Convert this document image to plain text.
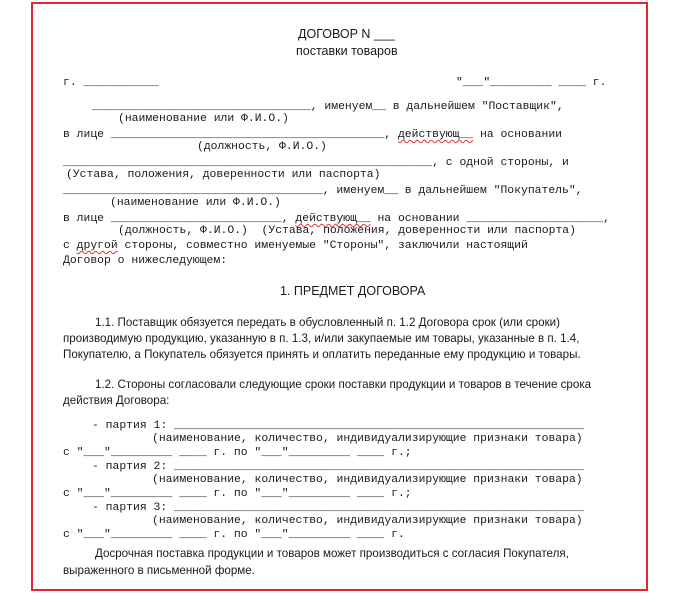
ДОГОВОР N ___
поставки товаров
г. ___________	"___"_________ ____ г.
________________________________, именуем__ в дальнейшем "Поставщик",
(наименование или Ф.И.О.)
в лице ________________________________________, действующ__ на основании
(должность, Ф.И.О.)
______________________________________________________, с одной стороны, и
(Устава, положения, доверенности или паспорта)
______________________________________, именуем__ в дальнейшем "Покупатель",
(наименование или Ф.И.О.)
в лице _________________________, действующ__ на основании ____________________,
(должность, Ф.И.О.)  (Устава, положения, доверенности или паспорта)
с другой стороны, совместно именуемые "Стороны", заключили настоящий
Договор о нижеследующем:
1. ПРЕДМЕТ ДОГОВОРА
1.1. Поставщик обязуется передать в обусловленный п. 1.2 Договора срок (или сроки)
производимую продукцию, указанную в п. 1.3, и/или закупаемые им товары, указанные в п. 1.4,
Покупателю, а Покупатель обязуется принять и оплатить переданные ему продукцию и товары.
1.2. Стороны согласовали следующие сроки поставки продукции и товаров в течение срока
действия Договора:
- партия 1: ____________________________________________________________
(наименование, количество, индивидуализирующие признаки товара)
с "___"_________ ____ г. по "___"_________ ____ г.;
- партия 2: ____________________________________________________________
(наименование, количество, индивидуализирующие признаки товара)
с "___"_________ ____ г. по "___"_________ ____ г.;
- партия 3: ____________________________________________________________
(наименование, количество, индивидуализирующие признаки товара)
с "___"_________ ____ г. по "___"_________ ____ г.
Досрочная поставка продукции и товаров может производиться с согласия Покупателя,
выраженного в письменной форме.
